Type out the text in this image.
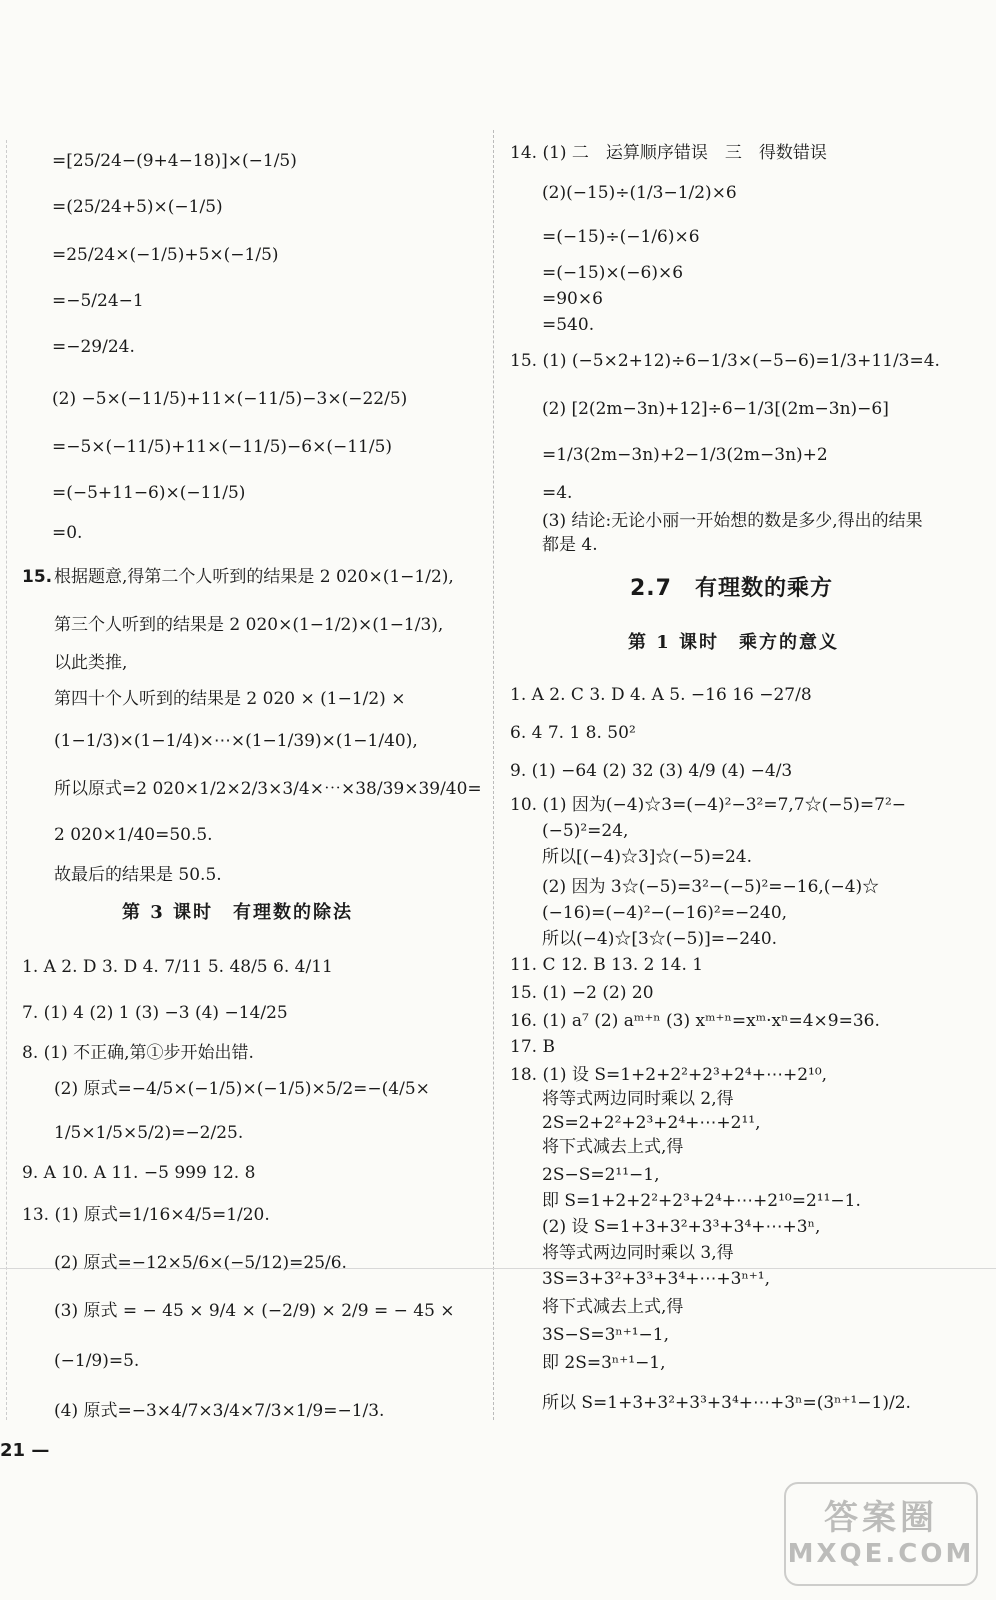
=[25/24−(9+4−18)]×(−1/5)
=(25/24+5)×(−1/5)
=25/24×(−1/5)+5×(−1/5)
=−5/24−1
=−29/24.
(2) −5×(−11/5)+11×(−11/5)−3×(−22/5)
=−5×(−11/5)+11×(−11/5)−6×(−11/5)
=(−5+11−6)×(−11/5)
=0.
15. 根据题意,得第二个人听到的结果是 2 020×(1−1/2),
第三个人听到的结果是 2 020×(1−1/2)×(1−1/3),
以此类推,
第四十个人听到的结果是 2 020 × (1−1/2) ×
(1−1/3)×(1−1/4)×⋯×(1−1/39)×(1−1/40),
所以原式=2 020×1/2×2/3×3/4×⋯×38/39×39/40=
2 020×1/40=50.5.
故最后的结果是 50.5.
第 3 课时　有理数的除法
1. A 2. D 3. D 4. 7/11 5. 48/5 6. 4/11
7. (1) 4 (2) 1 (3) −3 (4) −14/25
8. (1) 不正确,第①步开始出错.
(2) 原式=−4/5×(−1/5)×(−1/5)×5/2=−(4/5×
1/5×1/5×5/2)=−2/25.
9. A 10. A 11. −5 999 12. 8
13. (1) 原式=1/16×4/5=1/20.
(2) 原式=−12×5/6×(−5/12)=25/6.
(3) 原式 = − 45 × 9/4 × (−2/9) × 2/9 = − 45 ×
(−1/9)=5.
(4) 原式=−3×4/7×3/4×7/3×1/9=−1/3.
14. (1) 二　运算顺序错误　三　得数错误
(2)(−15)÷(1/3−1/2)×6
=(−15)÷(−1/6)×6
=(−15)×(−6)×6
=90×6
=540.
15. (1) (−5×2+12)÷6−1/3×(−5−6)=1/3+11/3=4.
(2) [2(2m−3n)+12]÷6−1/3[(2m−3n)−6]
=1/3(2m−3n)+2−1/3(2m−3n)+2
=4.
(3) 结论:无论小丽一开始想的数是多少,得出的结果
都是 4.
2.7　有理数的乘方
第 1 课时　乘方的意义
1. A 2. C 3. D 4. A 5. −16 16 −27/8
6. 4 7. 1 8. 50²
9. (1) −64 (2) 32 (3) 4/9 (4) −4/3
10. (1) 因为(−4)☆3=(−4)²−3²=7,7☆(−5)=7²−
(−5)²=24,
所以[(−4)☆3]☆(−5)=24.
(2) 因为 3☆(−5)=3²−(−5)²=−16,(−4)☆
(−16)=(−4)²−(−16)²=−240,
所以(−4)☆[3☆(−5)]=−240.
11. C 12. B 13. 2 14. 1
15. (1) −2 (2) 20
16. (1) a⁷ (2) aᵐ⁺ⁿ (3) xᵐ⁺ⁿ=xᵐ·xⁿ=4×9=36.
17. B
18. (1) 设 S=1+2+2²+2³+2⁴+⋯+2¹⁰,
将等式两边同时乘以 2,得
2S=2+2²+2³+2⁴+⋯+2¹¹,
将下式减去上式,得
2S−S=2¹¹−1,
即 S=1+2+2²+2³+2⁴+⋯+2¹⁰=2¹¹−1.
(2) 设 S=1+3+3²+3³+3⁴+⋯+3ⁿ,
将等式两边同时乘以 3,得
3S=3+3²+3³+3⁴+⋯+3ⁿ⁺¹,
将下式减去上式,得
3S−S=3ⁿ⁺¹−1,
即 2S=3ⁿ⁺¹−1,
所以 S=1+3+3²+3³+3⁴+⋯+3ⁿ=(3ⁿ⁺¹−1)/2.
21 —
答案圈
MXQE.COM
